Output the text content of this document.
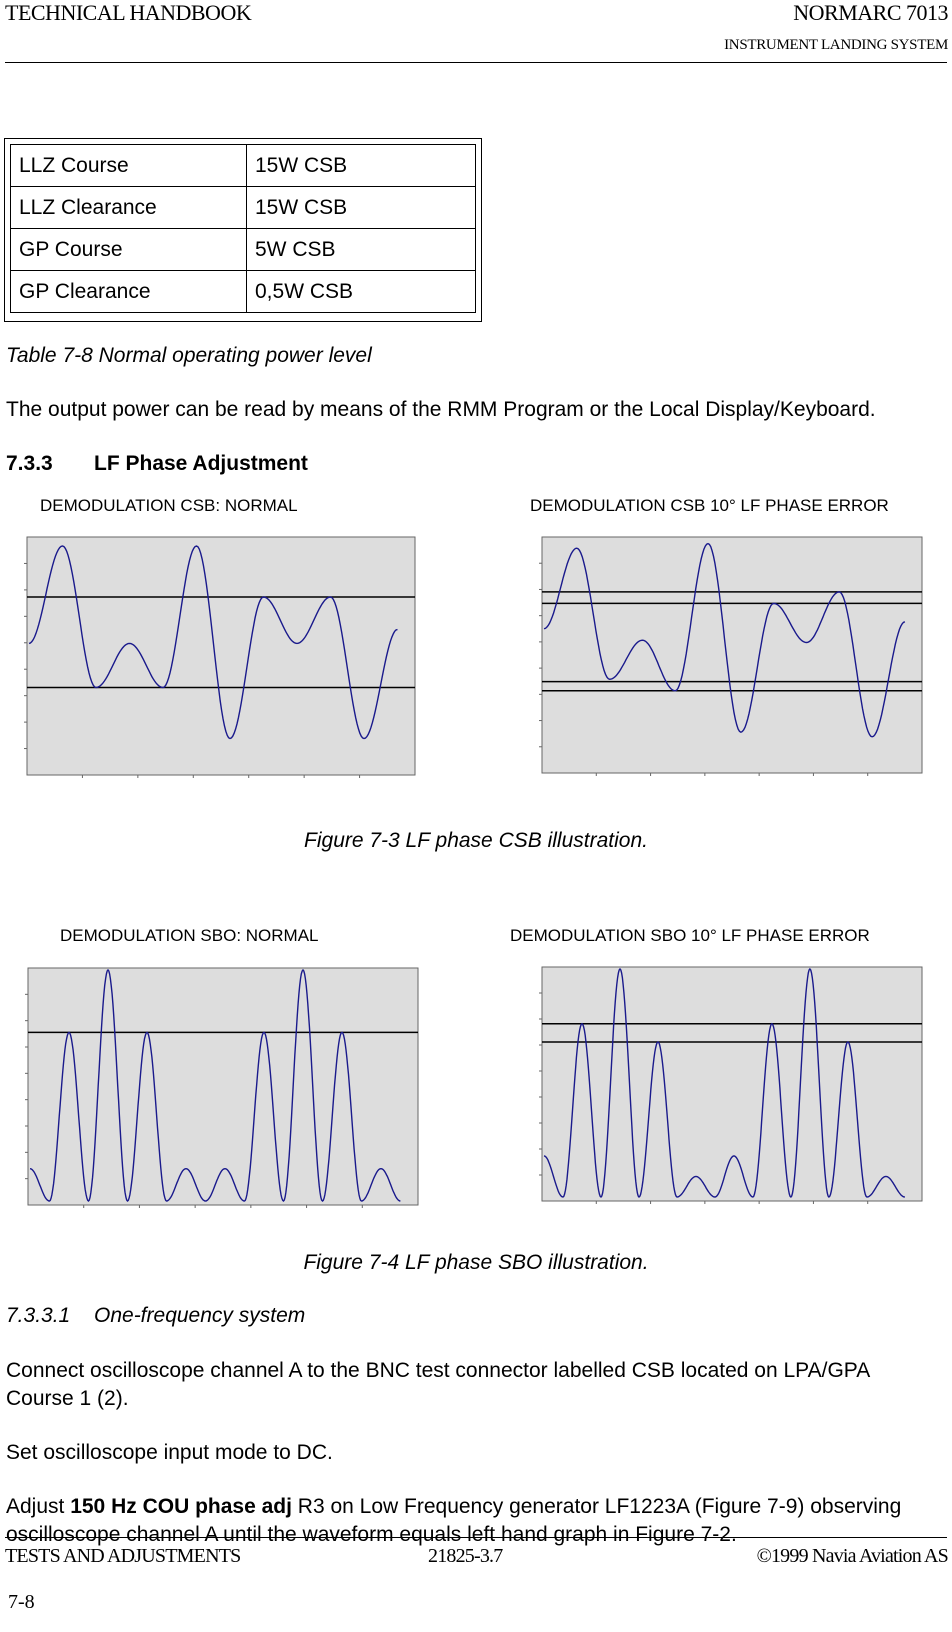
TECHNICAL HANDBOOK	NORMARC 7013
INSTRUMENT LANDING SYSTEM
LLZ Course	15W CSB
LLZ Clearance	15W CSB
GP Course	5W CSB
GP Clearance	0,5W CSB
Table 7-8 Normal operating power level
The output power can be read by means of the RMM Program or the Local Display/Keyboard.
7.3.3 LF Phase Adjustment
DEMODULATION CSB: NORMAL	DEMODULATION CSB 10° LF PHASE ERROR
Figure 7-3 LF phase CSB illustration.
DEMODULATION SBO: NORMAL	DEMODULATION SBO 10° LF PHASE ERROR
Figure 7-4 LF phase SBO illustration.
7.3.3.1 One-frequency system
Connect oscilloscope channel A to the BNC test connector labelled CSB located on LPA/GPA Course 1 (2).
Set oscilloscope input mode to DC.
Adjust 150 Hz COU phase adj R3 on Low Frequency generator LF1223A (Figure 7-9) observing oscilloscope channel A until the waveform equals left hand graph in Figure 7-2.
TESTS AND ADJUSTMENTS	21825-3.7	©1999 Navia Aviation AS
7-8
